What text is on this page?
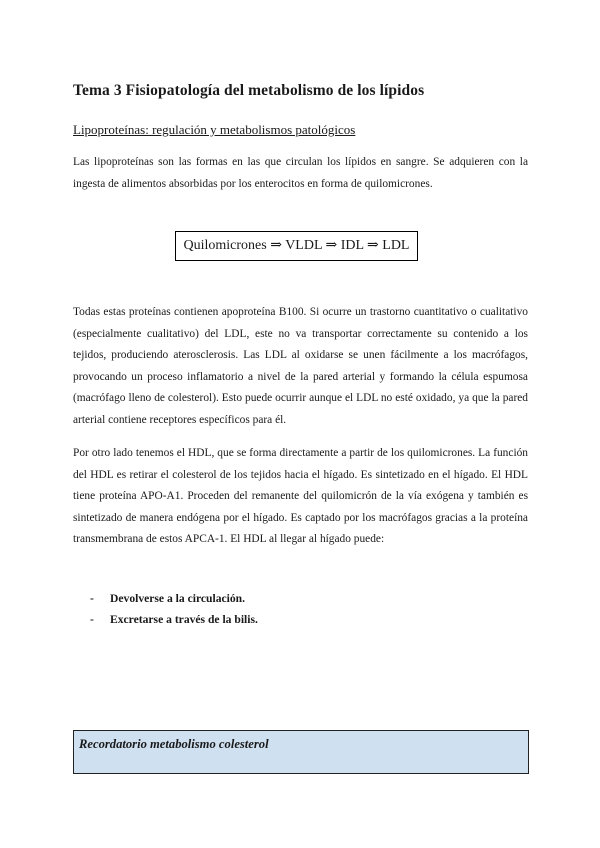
Tema 3 Fisiopatología del metabolismo de los lípidos
Lipoproteínas: regulación y metabolismos patológicos

Las lipoproteínas son las formas en las que circulan los lípidos en sangre. Se adquieren con la ingesta de alimentos absorbidas por los enterocitos en forma de quilomicrones.

Quilomicrones ⇒ VLDL ⇒ IDL ⇒ LDL

Todas estas proteínas contienen apoproteína B100. Si ocurre un trastorno cuantitativo o cualitativo (especialmente cualitativo) del LDL, este no va transportar correctamente su contenido a los tejidos, produciendo aterosclerosis. Las LDL al oxidarse se unen fácilmente a los macrófagos, provocando un proceso inflamatorio a nivel de la pared arterial y formando la célula espumosa (macrófago lleno de colesterol). Esto puede ocurrir aunque el LDL no esté oxidado, ya que la pared arterial contiene receptores específicos para él.

Por otro lado tenemos el HDL, que se forma directamente a partir de los quilomicrones. La función del HDL es retirar el colesterol de los tejidos hacia el hígado. Es sintetizado en el hígado. El HDL tiene proteína APO-A1. Proceden del remanente del quilomicrón de la vía exógena y también es sintetizado de manera endógena por el hígado. Es captado por los macrófagos gracias a la proteína transmembrana de estos APCA-1. El HDL al llegar al hígado puede:

- Devolverse a la circulación.
- Excretarse a través de la bilis.
Recordatorio metabolismo colesterol
